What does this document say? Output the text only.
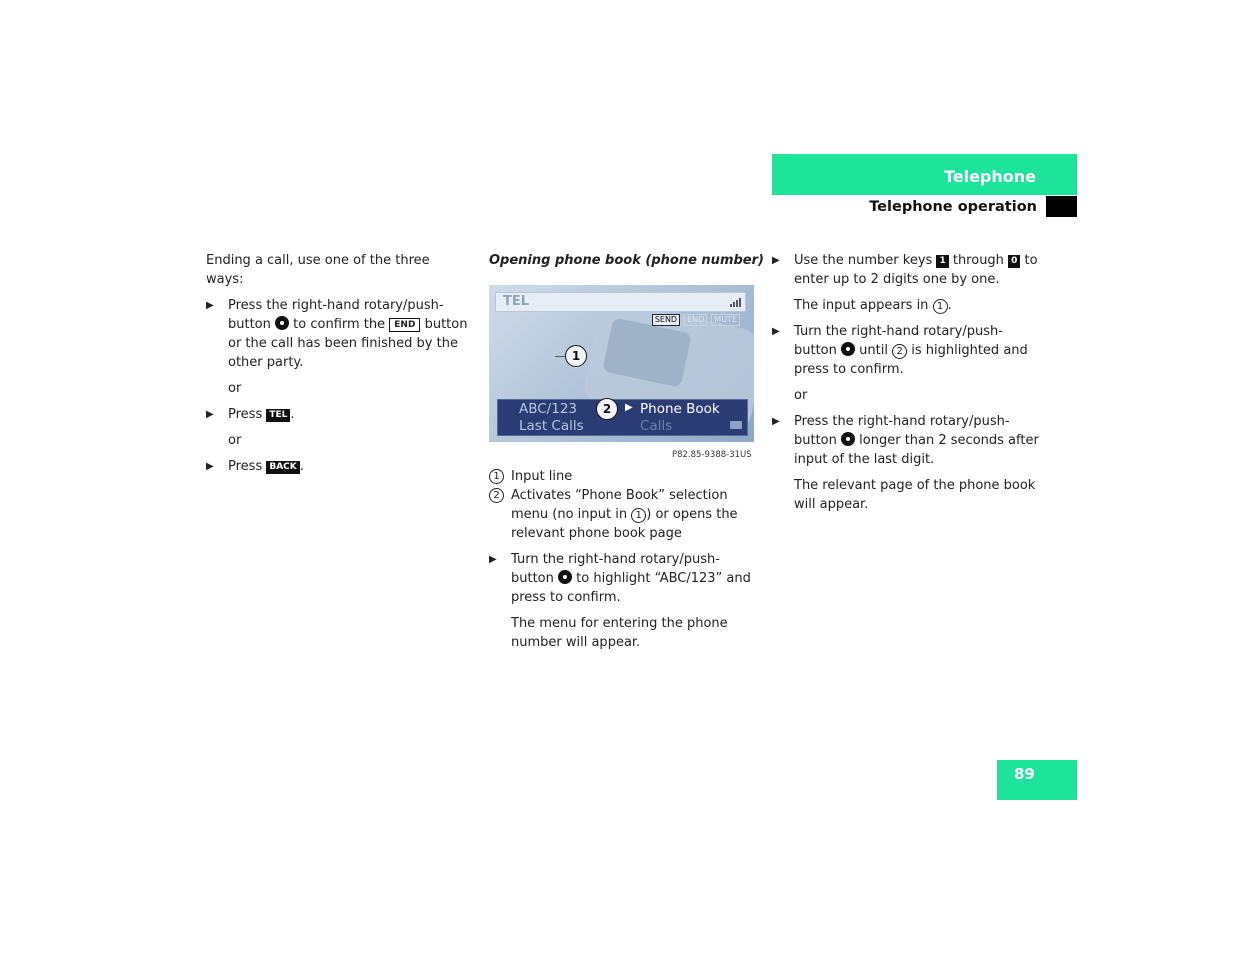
Telephone
Telephone operation

Ending a call, use one of the three ways:

▶ Press the right-hand rotary/push-button to confirm the END button or the call has been finished by the other party.
or
▶ Press TEL .
or
▶ Press BACK .
Opening phone book (phone number)
TEL
SEND	END	MUTE
1
ABC/123
Last Calls
▶ Phone Book
Calls
2
P82.85-9388-31US
1 Input line
2 Activates “Phone Book” selection menu (no input in 1 ) or opens the relevant phone book page
▶ Turn the right-hand rotary/push-button to highlight “ABC/123” and press to confirm.
The menu for entering the phone number will appear.
▶ Use the number keys 1 through 0 to enter up to 2 digits one by one.
The input appears in 1 .
▶ Turn the right-hand rotary/push-button until 2 is highlighted and press to confirm.
or
▶ Press the right-hand rotary/push-button longer than 2 seconds after input of the last digit.
The relevant page of the phone book will appear.
89
